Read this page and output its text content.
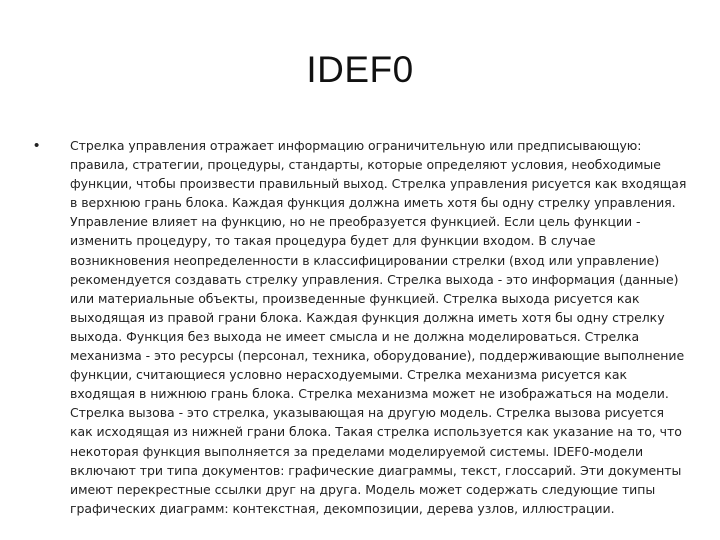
IDEF0
• Стрелка управления отражает информацию ограничительную или предписывающую: правила, стратегии, процедуры, стандарты, которые определяют условия, необходимые функции, чтобы произвести правильный выход. Стрелка управления рисуется как входящая в верхнюю грань блока. Каждая функция должна иметь хотя бы одну стрелку управления. Управление влияет на функцию, но не преобразуется функцией. Если цель функции - изменить процедуру, то такая процедура будет для функции входом. В случае возникновения неопределенности в классифицировании стрелки (вход или управление) рекомендуется создавать стрелку управления. Стрелка выхода - это информация (данные) или материальные объекты, произведенные функцией. Стрелка выхода рисуется как выходящая из правой грани блока. Каждая функция должна иметь хотя бы одну стрелку выхода. Функция без выхода не имеет смысла и не должна моделироваться. Стрелка механизма - это ресурсы (персонал, техника, оборудование), поддерживающие выполнение функции, считающиеся условно нерасходуемыми. Стрелка механизма рисуется как входящая в нижнюю грань блока. Стрелка механизма может не изображаться на модели. Стрелка вызова - это стрелка, указывающая на другую модель. Стрелка вызова рисуется как исходящая из нижней грани блока. Такая стрелка используется как указание на то, что некоторая функция выполняется за пределами моделируемой системы. IDEF0-модели включают три типа документов: графические диаграммы, текст, глоссарий. Эти документы имеют перекрестные ссылки друг на друга. Модель может содержать следующие типы графических диаграмм: контекстная, декомпозиции, дерева узлов, иллюстрации.
